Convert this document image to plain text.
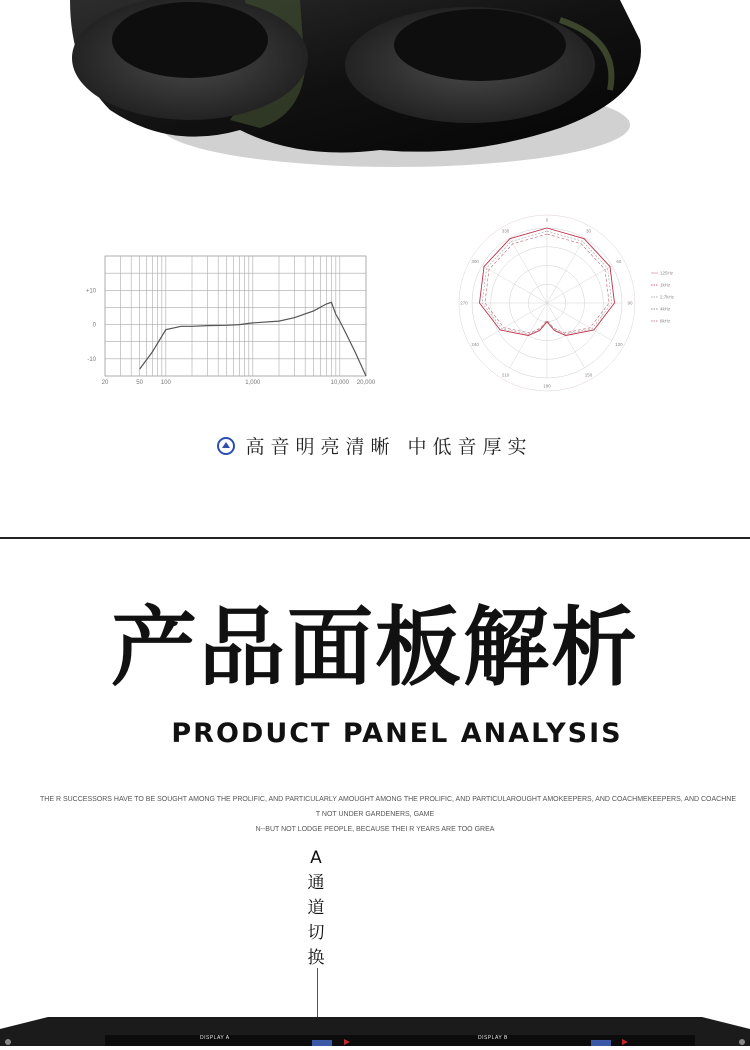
+10
0
-10
20	50	100	1,000	10,000 20,000
0
30
60
90
120
150
180
210
240
270
300
330
125Hz
1kHz
2.7kHz
4kHz
8kHz
高音明亮清晰 中低音厚实
产品面板解析
PRODUCT PANEL ANALYSIS
THE R SUCCESSORS HAVE TO BE SOUGHT AMONG THE PROLIFIC, AND PARTICULARLY AMOUGHT AMONG THE PROLIFIC, AND PARTICULAROUGHT AMOKEEPERS, AND COACHMEKEEPERS, AND COACHNE
T NOT UNDER GARDENERS, GAME
N--BUT NOT LODGE PEOPLE, BECAUSE THEI R YEARS ARE TOO GREA
A
通
道
切
换
DISPLAY A	DISPLAY B
